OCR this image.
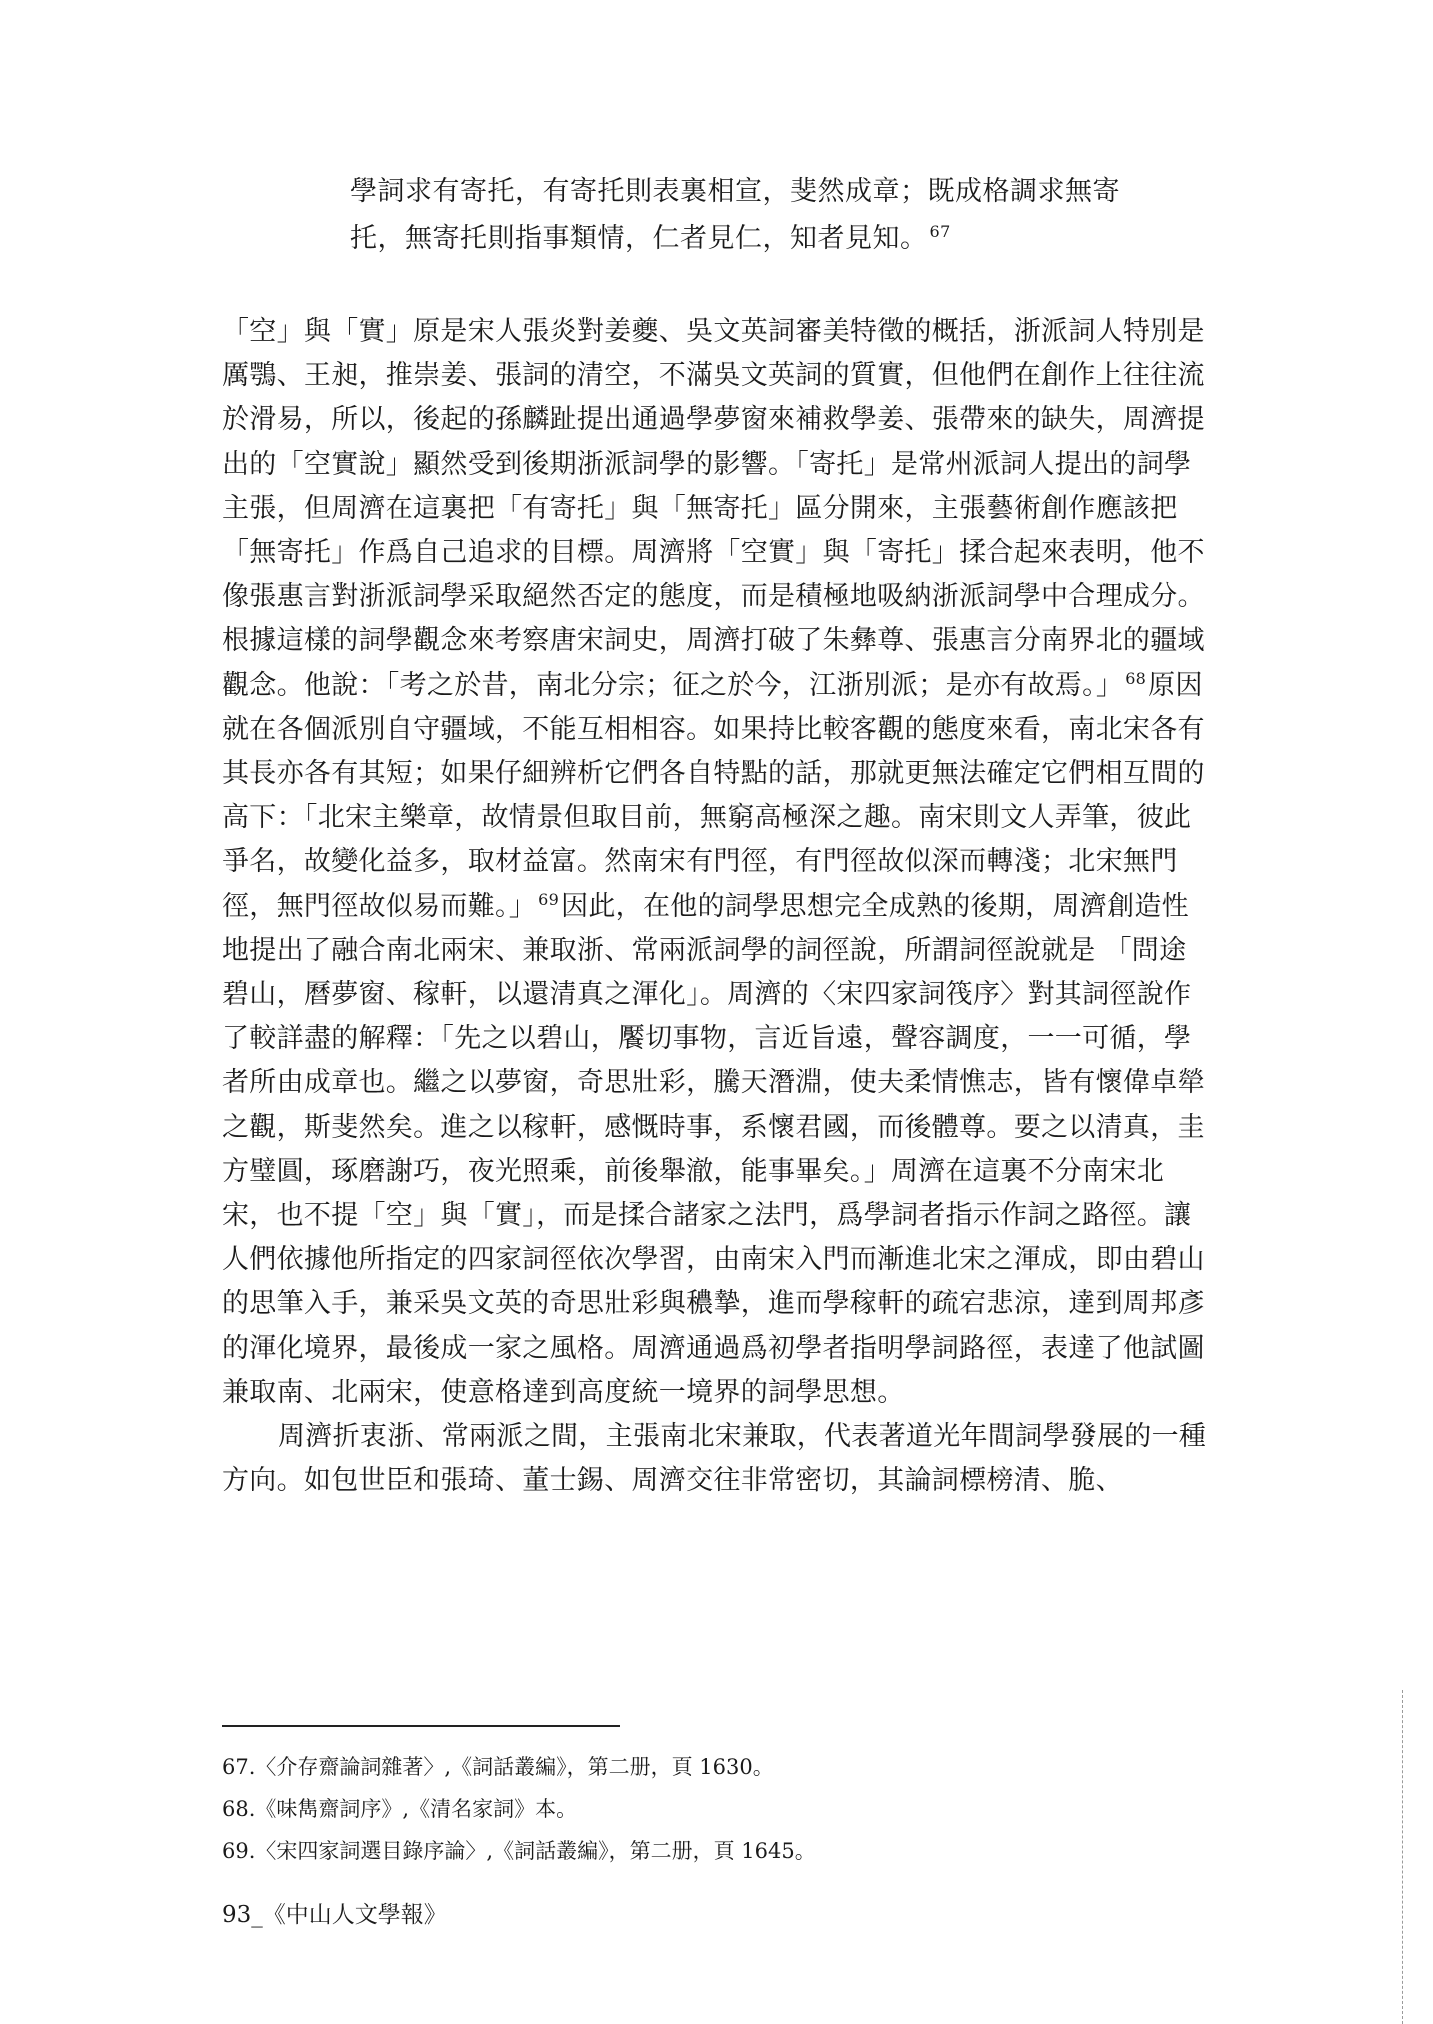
學詞求有寄托，有寄托則表裏相宣，斐然成章；既成格調求無寄

托，無寄托則指事類情，仁者見仁，知者見知。 $^{67}$

「空」與「實」原是宋人張炎對姜夔、吳文英詞審美特徵的概括，浙派詞人特別是厲鶚、王昶，推崇姜、張詞的清空，不滿吳文英詞的質實，但他們在創作上往往流於滑易，所以，後起的孫麟趾提出通過學夢窗來補救學姜、張帶來的缺失，周濟提出的「空實說」顯然受到後期浙派詞學的影響。「寄托」是常州派詞人提出的詞學主張，但周濟在這裏把「有寄托」與「無寄托」區分開來，主張藝術創作應該把「無寄托」作爲自己追求的目標。周濟將「空實」與「寄托」揉合起來表明，他不像張惠言對浙派詞學采取絕然否定的態度，而是積極地吸納浙派詞學中合理成分。根據這樣的詞學觀念來考察唐宋詞史，周濟打破了朱彝尊、張惠言分南界北的疆域觀念。他說：「考之於昔，南北分宗；征之於今，江浙別派；是亦有故焉。」 $^{68}$原因就在各個派別自守疆域，不能互相相容。如果持比較客觀的態度來看，南北宋各有其長亦各有其短；如果仔細辨析它們各自特點的話，那就更無法確定它們相互間的高下：「北宋主樂章，故情景但取目前，無窮高極深之趣。南宋則文人弄筆，彼此爭名，故變化益多，取材益富。然南宋有門徑，有門徑故似深而轉淺；北宋無門徑，無門徑故似易而難。」 $^{69}$因此，在他的詞學思想完全成熟的後期，周濟創造性地提出了融合南北兩宋、兼取浙、常兩派詞學的詞徑說，所謂詞徑說就是 「問途碧山，曆夢窗、稼軒，以還清真之渾化」。周濟的〈宋四家詞筏序〉對其詞徑說作了較詳盡的解釋：「先之以碧山，饜切事物，言近旨遠，聲容調度，一一可循，學者所由成章也。繼之以夢窗，奇思壯彩，騰天潛淵，使夫柔情憔志，皆有懷偉卓犖之觀，斯斐然矣。進之以稼軒，感慨時事，系懷君國，而後體尊。要之以清真，圭方璧圓，琢磨謝巧，夜光照乘，前後舉澈，能事畢矣。」周濟在這裏不分南宋北宋，也不提「空」與「實」，而是揉合諸家之法門，爲學詞者指示作詞之路徑。讓人們依據他所指定的四家詞徑依次學習，由南宋入門而漸進北宋之渾成，即由碧山的思筆入手，兼采吳文英的奇思壯彩與穠摯，進而學稼軒的疏宕悲涼，達到周邦彥的渾化境界，最後成一家之風格。周濟通過爲初學者指明學詞路徑，表達了他試圖兼取南、北兩宋，使意格達到高度統一境界的詞學思想。

周濟折衷浙、常兩派之間，主張南北宋兼取，代表著道光年間詞學發展的一種方向。如包世臣和張琦、董士錫、周濟交往非常密切，其論詞標榜清、脆、

67.〈介存齋論詞雜著〉,《詞話叢編》，第二册，頁 1630。

68.《味雋齋詞序》,《清名家詞》本。

69.〈宋四家詞選目錄序論〉,《詞話叢編》，第二册，頁 1645。

93_《中山人文學報》
